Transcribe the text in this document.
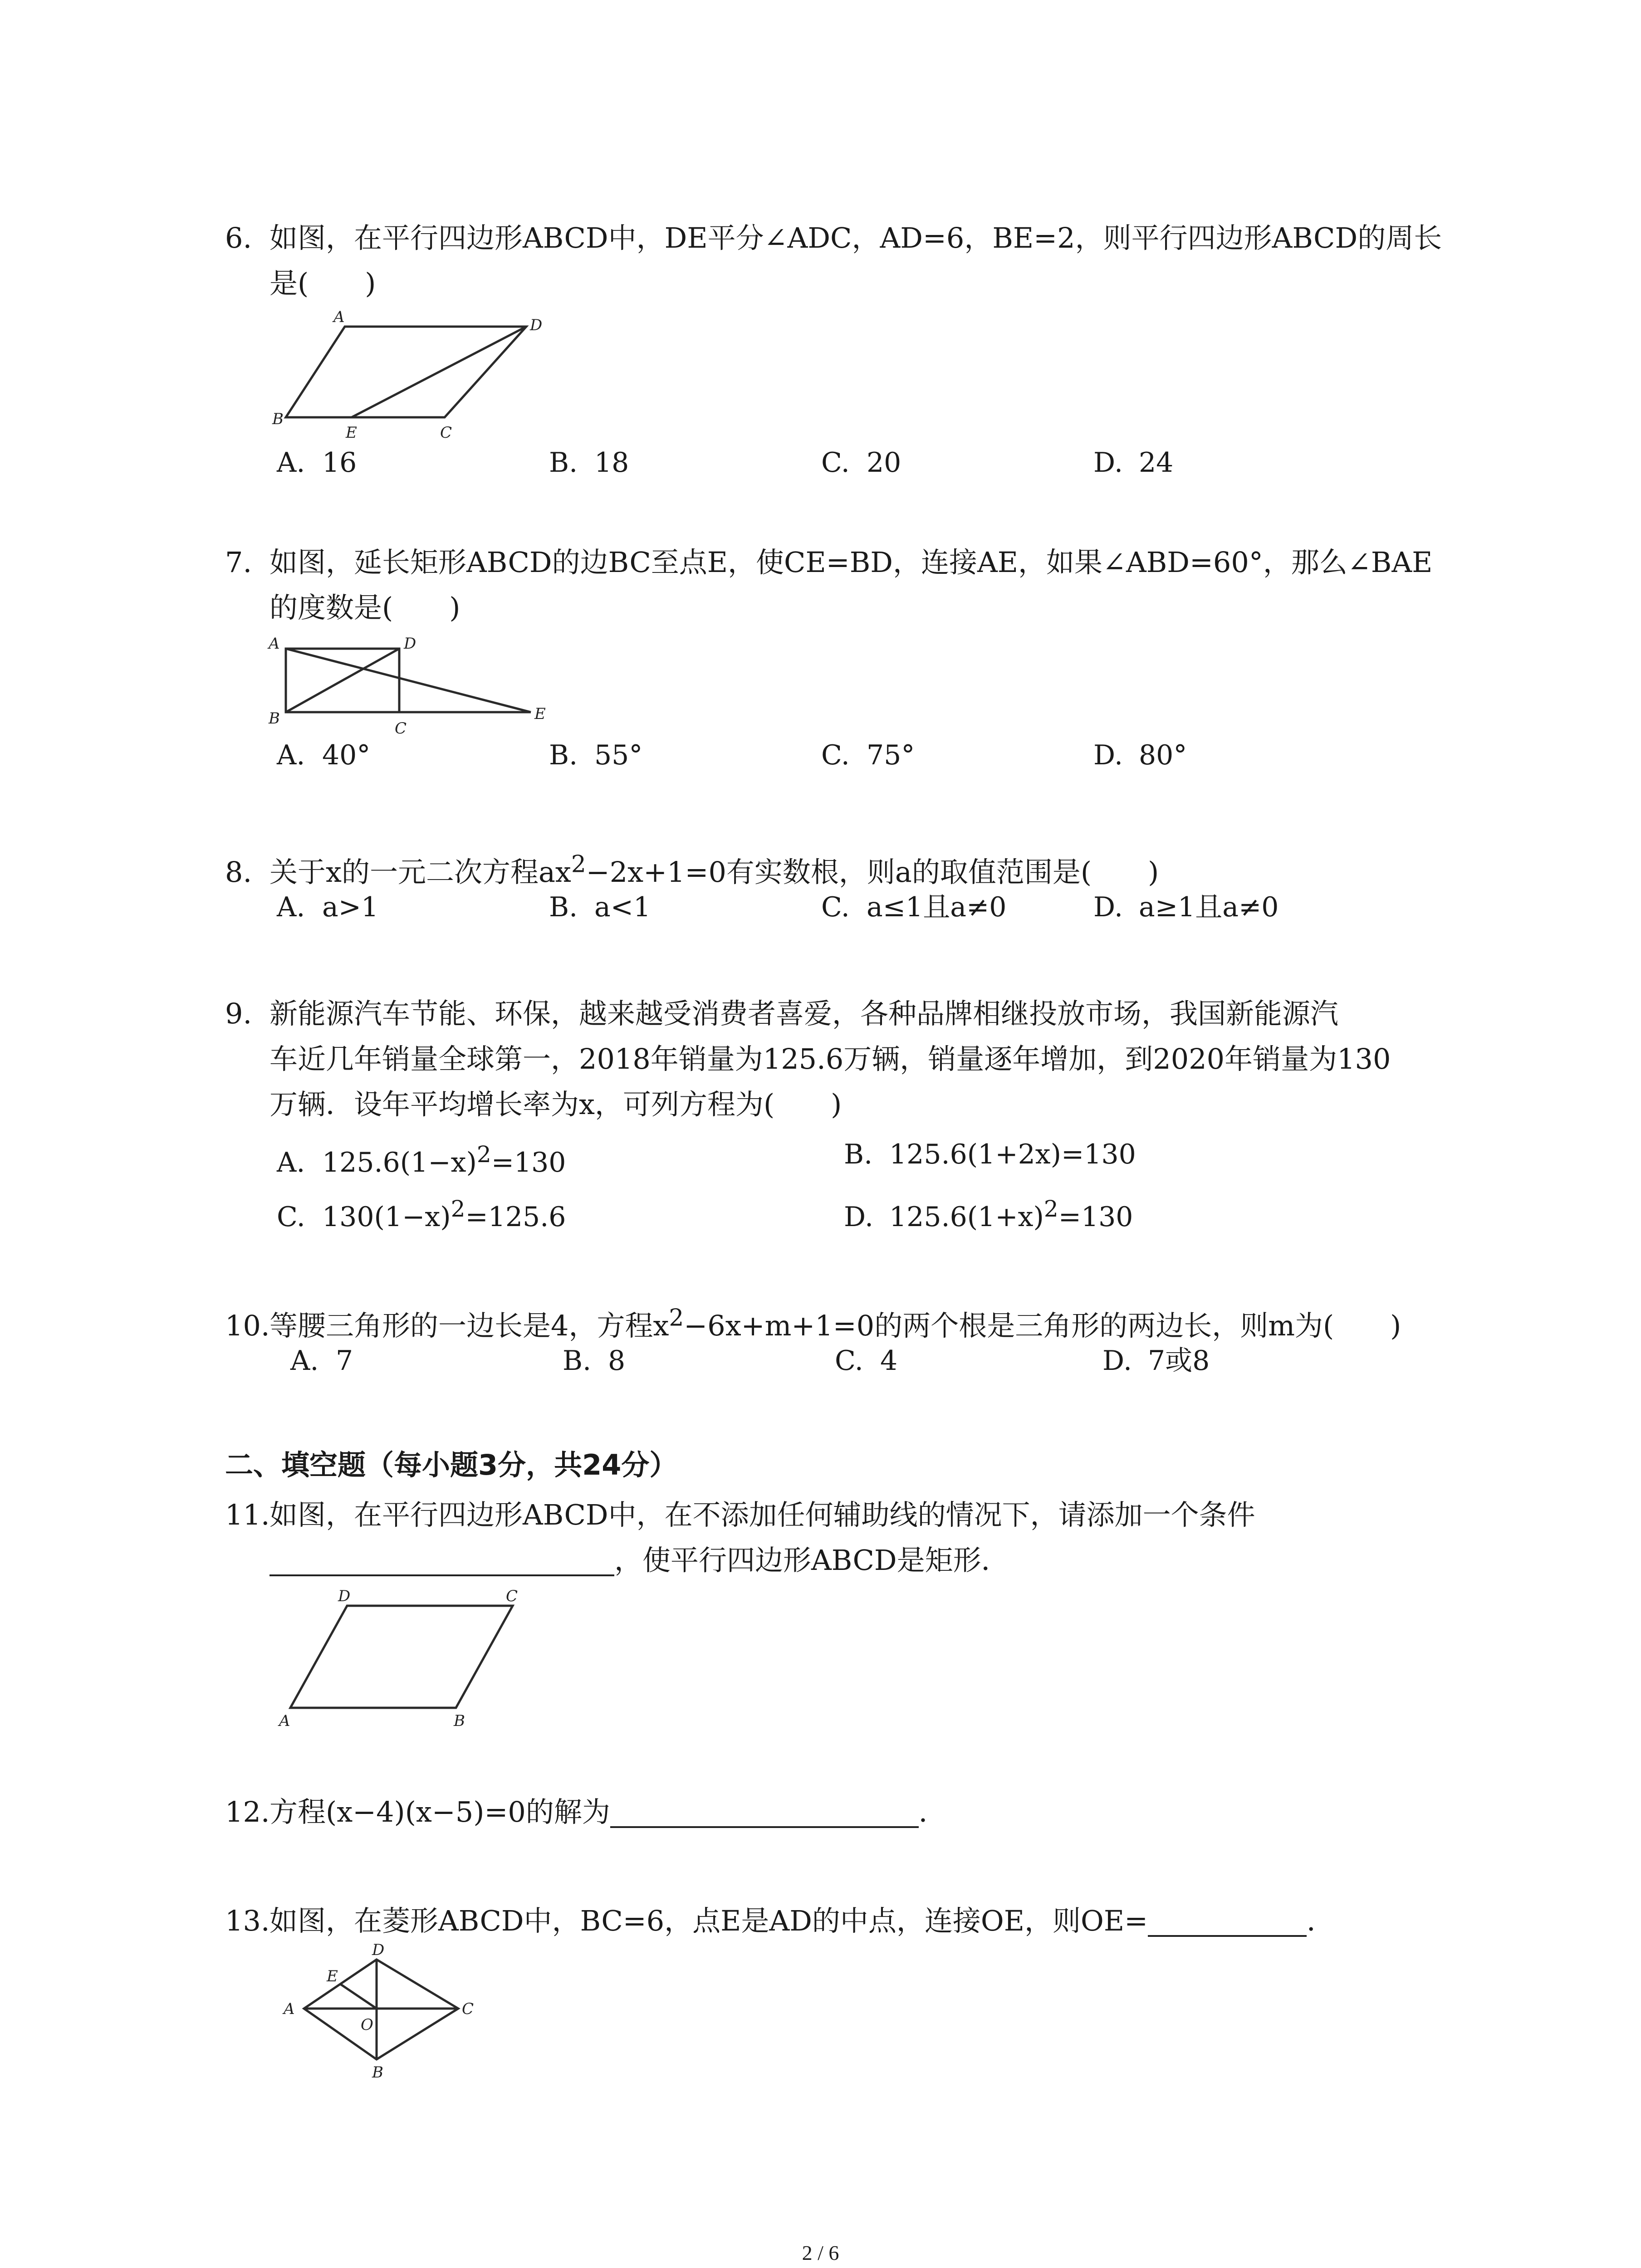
6. 如图，在平行四边形ABCD中，DE平分∠ADC，AD=6，BE=2，则平行四边形ABCD的周长
是(　　)
A	D
B
E	C
A. 16	B. 18	C. 20	D. 24
7. 如图，延长矩形ABCD的边BC至点E，使CE=BD，连接AE，如果∠ABD=60°，那么∠BAE
的度数是(　　)
A	D
B
C
E
A. 40°	B. 55°	C. 75°	D. 80°
8. 关于x的一元二次方程$ax^2-2x+1=0$有实数根，则a的取值范围是(　　)
A. a>1	B. a<1	C. a≤1且a≠0	D. a≥1且a≠0
9. 新能源汽车节能、环保，越来越受消费者喜爱，各种品牌相继投放市场，我国新能源汽
车近几年销量全球第一，2018年销量为125.6万辆，销量逐年增加，到2020年销量为130
万辆．设年平均增长率为x，可列方程为(　　)
A. $125.6(1-x)^2=130$	B. 125.6(1+2x)=130
C. $130(1-x)^2=125.6$	D. $125.6(1+x)^2=130$
10.等腰三角形的一边长是4，方程$x^2-6x+m+1=0$的两个根是三角形的两边长，则m为(　　)
A. 7	B. 8	C. 4	D. 7或8
二、填空题（每小题3分，共24分）
11.如图，在平行四边形ABCD中，在不添加任何辅助线的情况下，请添加一个条件
，使平行四边形ABCD是矩形．
D	C
A	B
12.方程(x−4)(x−5)=0的解为	．
13.如图，在菱形ABCD中，BC=6，点E是AD的中点，连接OE，则OE=	．
D
E
A
O
C
B
2 / 6
